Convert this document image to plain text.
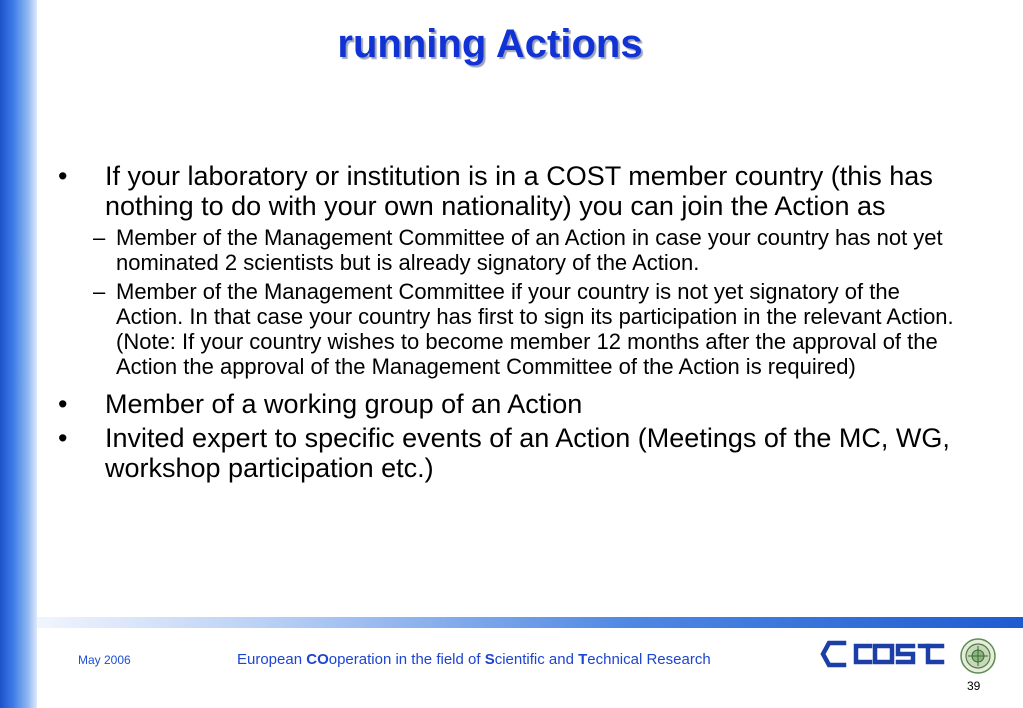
running Actions
• If your laboratory or institution is in a COST member country (this has nothing to do with your own nationality) you can join the Action as
– Member of the Management Committee of an Action in case your country has not yet nominated 2 scientists but is already signatory of the Action.
– Member of the Management Committee if your country is not yet signatory of the Action. In that case your country has first to sign its participation in the relevant Action. (Note: If your country wishes to become member 12 months after the approval of the Action the approval of the Management Committee of the Action is required)
• Member of a working group of an Action
• Invited expert to specific events of an Action (Meetings of the MC, WG, workshop participation etc.)
May 2006	European COoperation in the field of Scientific and Technical Research
39
